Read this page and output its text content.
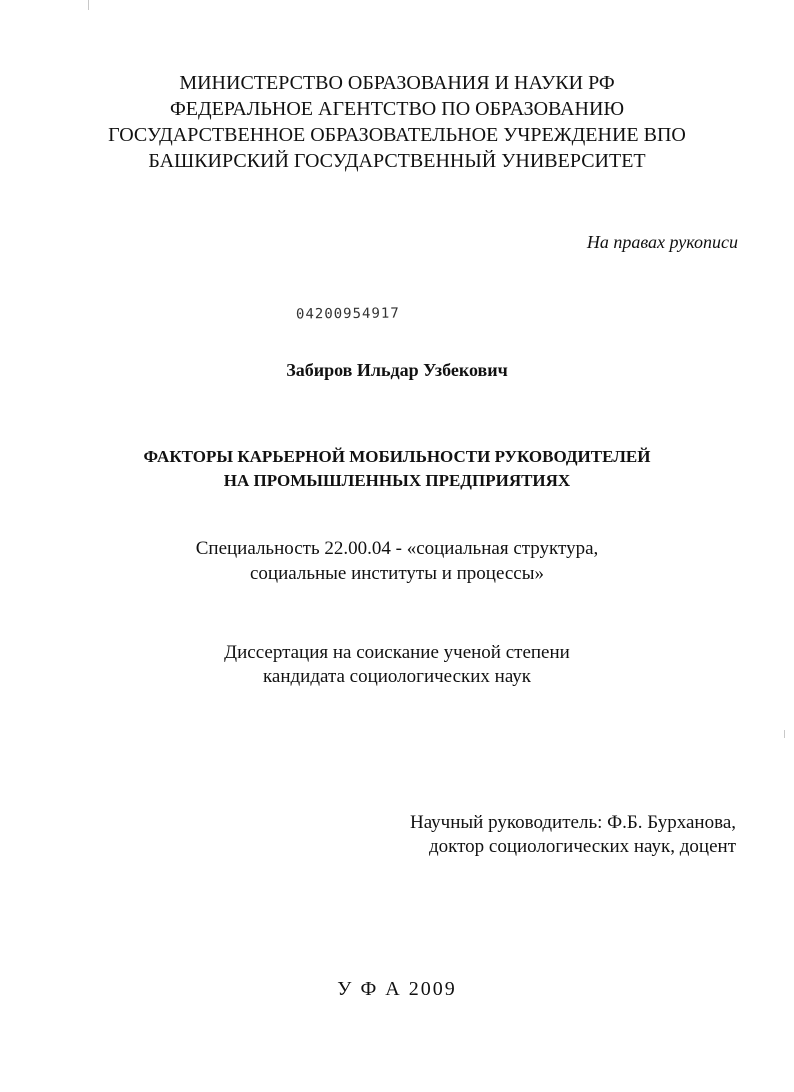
МИНИСТЕРСТВО ОБРАЗОВАНИЯ И НАУКИ РФ
ФЕДЕРАЛЬНОЕ АГЕНТСТВО ПО ОБРАЗОВАНИЮ
ГОСУДАРСТВЕННОЕ ОБРАЗОВАТЕЛЬНОЕ УЧРЕЖДЕНИЕ ВПО
БАШКИРСКИЙ ГОСУДАРСТВЕННЫЙ УНИВЕРСИТЕТ
На правах рукописи
04200954917
Забиров Ильдар Узбекович
ФАКТОРЫ КАРЬЕРНОЙ МОБИЛЬНОСТИ РУКОВОДИТЕЛЕЙ
НА ПРОМЫШЛЕННЫХ ПРЕДПРИЯТИЯХ
Специальность 22.00.04 - «социальная структура,
социальные институты и процессы»
Диссертация на соискание ученой степени
кандидата социологических наук
Научный руководитель: Ф.Б. Бурханова,
доктор социологических наук, доцент
У Ф А 2009
